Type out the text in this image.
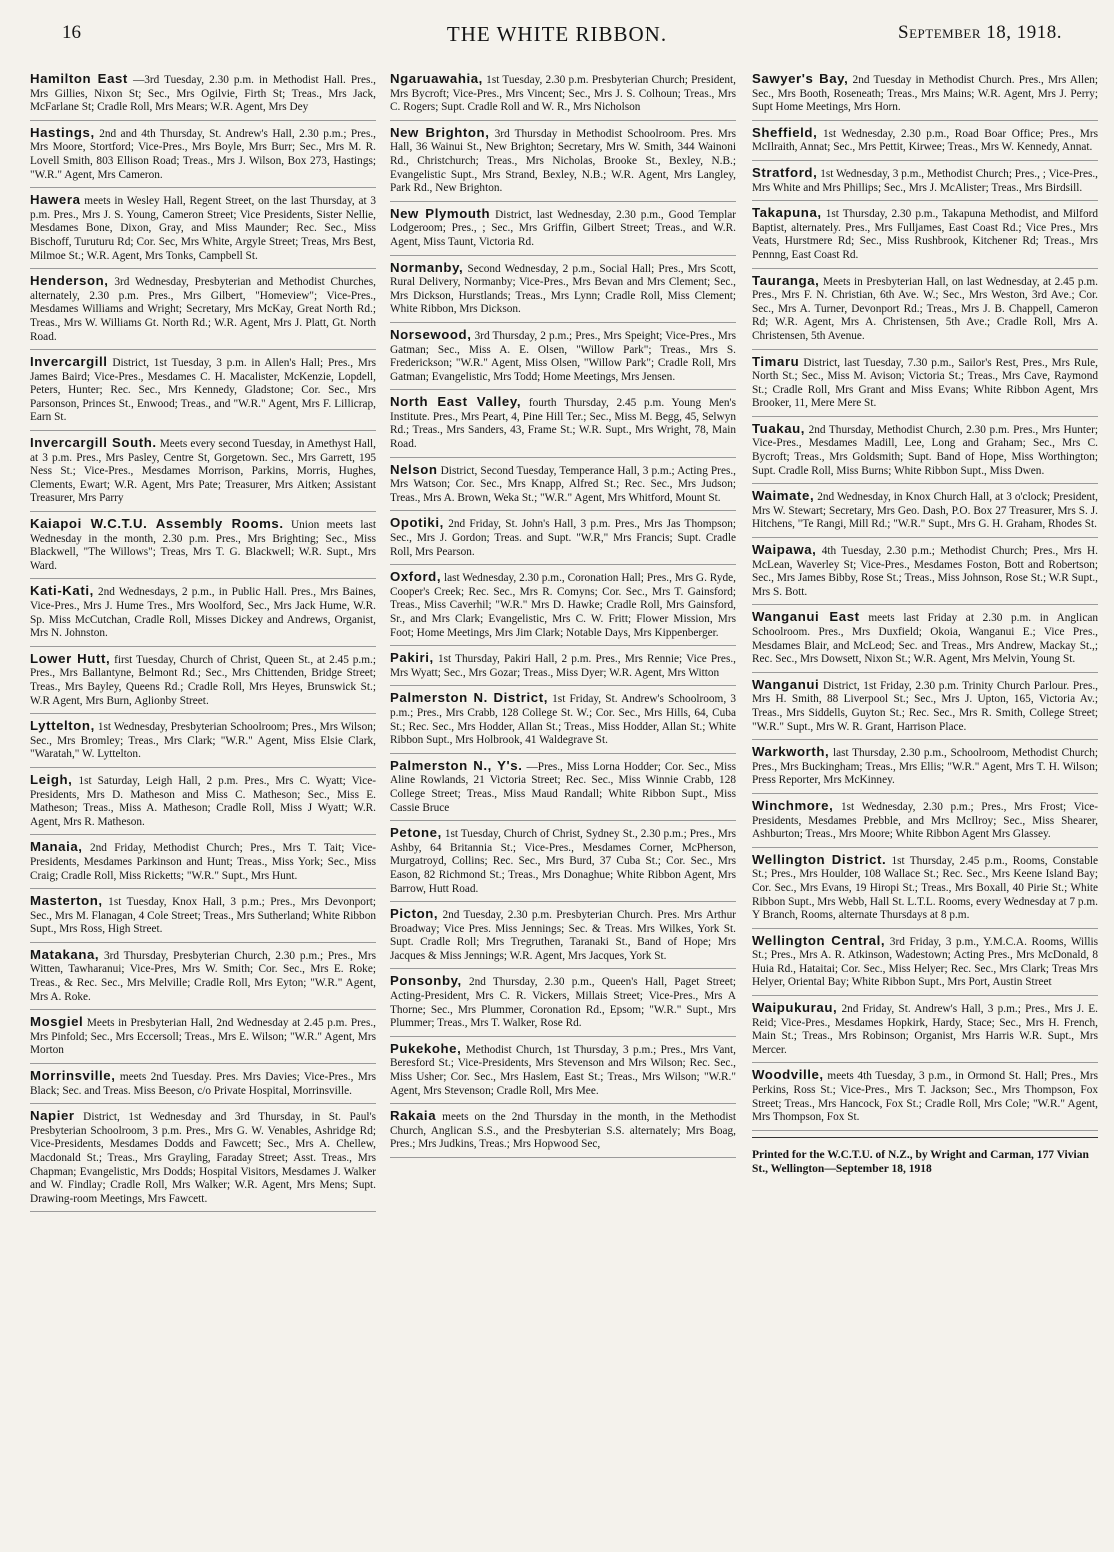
16	THE WHITE RIBBON.	September 18, 1918.
Hamilton East —3rd Tuesday, 2.30 p.m. in Methodist Hall. Pres., Mrs Gillies, Nixon St; Sec., Mrs Ogilvie, Firth St; Treas., Mrs Jack, McFarlane St; Cradle Roll, Mrs Mears; W.R. Agent, Mrs Dey
Hastings, 2nd and 4th Thursday, St. Andrew's Hall, 2.30 p.m.; Pres., Mrs Moore, Stortford; Vice-Pres., Mrs Boyle, Mrs Burr; Sec., Mrs M. R. Lovell Smith, 803 Ellison Road; Treas., Mrs J. Wilson, Box 273, Hastings; "W.R." Agent, Mrs Cameron.
Hawera meets in Wesley Hall, Regent Street, on the last Thursday, at 3 p.m. Pres., Mrs J. S. Young, Cameron Street; Vice Presidents, Sister Nellie, Mesdames Bone, Dixon, Gray, and Miss Maunder; Rec. Sec., Miss Bischoff, Turuturu Rd; Cor. Sec, Mrs White, Argyle Street; Treas, Mrs Best, Milmoe St.; W.R. Agent, Mrs Tonks, Campbell St.
Henderson, 3rd Wednesday, Presbyterian and Methodist Churches, alternately, 2.30 p.m. Pres., Mrs Gilbert, "Homeview"; Vice-Pres., Mesdames Williams and Wright; Secretary, Mrs McKay, Great North Rd.; Treas., Mrs W. Williams Gt. North Rd.; W.R. Agent, Mrs J. Platt, Gt. North Road.
Invercargill District, 1st Tuesday, 3 p.m. in Allen's Hall; Pres., Mrs James Baird; Vice-Pres., Mesdames C. H. Macalister, McKenzie, Lopdell, Peters, Hunter; Rec. Sec., Mrs Kennedy, Gladstone; Cor. Sec., Mrs Parsonson, Princes St., Enwood; Treas., and "W.R." Agent, Mrs F. Lillicrap, Earn St.
Invercargill South. Meets every second Tuesday, in Amethyst Hall, at 3 p.m. Pres., Mrs Pasley, Centre St, Gorgetown. Sec., Mrs Garrett, 195 Ness St.; Vice-Pres., Mesdames Morrison, Parkins, Morris, Hughes, Clements, Ewart; W.R. Agent, Mrs Pate; Treasurer, Mrs Aitken; Assistant Treasurer, Mrs Parry
Kaiapoi W.C.T.U. Assembly Rooms. Union meets last Wednesday in the month, 2.30 p.m. Pres., Mrs Brighting; Sec., Miss Blackwell, "The Willows"; Treas, Mrs T. G. Blackwell; W.R. Supt., Mrs Ward.
Kati-Kati, 2nd Wednesdays, 2 p.m., in Public Hall. Pres., Mrs Baines, Vice-Pres., Mrs J. Hume Tres., Mrs Woolford, Sec., Mrs Jack Hume, W.R. Sp. Miss McCutchan, Cradle Roll, Misses Dickey and Andrews, Organist, Mrs N. Johnston.
Lower Hutt, first Tuesday, Church of Christ, Queen St., at 2.45 p.m.; Pres., Mrs Ballantyne, Belmont Rd.; Sec., Mrs Chittenden, Bridge Street; Treas., Mrs Bayley, Queens Rd.; Cradle Roll, Mrs Heyes, Brunswick St.; W.R Agent, Mrs Burn, Aglionby Street.
Lyttelton, 1st Wednesday, Presbyterian Schoolroom; Pres., Mrs Wilson; Sec., Mrs Bromley; Treas., Mrs Clark; "W.R." Agent, Miss Elsie Clark, "Waratah," W. Lyttelton.
Leigh, 1st Saturday, Leigh Hall, 2 p.m. Pres., Mrs C. Wyatt; Vice-Presidents, Mrs D. Matheson and Miss C. Matheson; Sec., Miss E. Matheson; Treas., Miss A. Matheson; Cradle Roll, Miss J Wyatt; W.R. Agent, Mrs R. Matheson.
Manaia, 2nd Friday, Methodist Church; Pres., Mrs T. Tait; Vice-Presidents, Mesdames Parkinson and Hunt; Treas., Miss York; Sec., Miss Craig; Cradle Roll, Miss Ricketts; "W.R." Supt., Mrs Hunt.
Masterton, 1st Tuesday, Knox Hall, 3 p.m.; Pres., Mrs Devonport; Sec., Mrs M. Flanagan, 4 Cole Street; Treas., Mrs Sutherland; White Ribbon Supt., Mrs Ross, High Street.
Matakana, 3rd Thursday, Presbyterian Church, 2.30 p.m.; Pres., Mrs Witten, Tawharanui; Vice-Pres, Mrs W. Smith; Cor. Sec., Mrs E. Roke; Treas., & Rec. Sec., Mrs Melville; Cradle Roll, Mrs Eyton; "W.R." Agent, Mrs A. Roke.
Mosgiel Meets in Presbyterian Hall, 2nd Wednesday at 2.45 p.m. Pres., Mrs Pinfold; Sec., Mrs Eccersoll; Treas., Mrs E. Wilson; "W.R." Agent, Mrs Morton
Morrinsville, meets 2nd Tuesday. Pres. Mrs Davies; Vice-Pres., Mrs Black; Sec. and Treas. Miss Beeson, c/o Private Hospital, Morrinsville.
Napier District, 1st Wednesday and 3rd Thursday, in St. Paul's Presbyterian Schoolroom, 3 p.m. Pres., Mrs G. W. Venables, Ashridge Rd; Vice-Presidents, Mesdames Dodds and Fawcett; Sec., Mrs A. Chellew, Macdonald St.; Treas., Mrs Grayling, Faraday Street; Asst. Treas., Mrs Chapman; Evangelistic, Mrs Dodds; Hospital Visitors, Mesdames J. Walker and W. Findlay; Cradle Roll, Mrs Walker; W.R. Agent, Mrs Mens; Supt. Drawing-room Meetings, Mrs Fawcett.
Ngaruawahia, 1st Tuesday, 2.30 p.m. Presbyterian Church; President, Mrs Bycroft; Vice-Pres., Mrs Vincent; Sec., Mrs J. S. Colhoun; Treas., Mrs C. Rogers; Supt. Cradle Roll and W. R., Mrs Nicholson
New Brighton, 3rd Thursday in Methodist Schoolroom. Pres. Mrs Hall, 36 Wainui St., New Brighton; Secretary, Mrs W. Smith, 344 Wainoni Rd., Christchurch; Treas., Mrs Nicholas, Brooke St., Bexley, N.B.; Evangelistic Supt., Mrs Strand, Bexley, N.B.; W.R. Agent, Mrs Langley, Park Rd., New Brighton.
New Plymouth District, last Wednesday, 2.30 p.m., Good Templar Lodgeroom; Pres., ; Sec., Mrs Griffin, Gilbert Street; Treas., and W.R. Agent, Miss Taunt, Victoria Rd.
Normanby, Second Wednesday, 2 p.m., Social Hall; Pres., Mrs Scott, Rural Delivery, Normanby; Vice-Pres., Mrs Bevan and Mrs Clement; Sec., Mrs Dickson, Hurstlands; Treas., Mrs Lynn; Cradle Roll, Miss Clement; White Ribbon, Mrs Dickson.
Norsewood, 3rd Thursday, 2 p.m.; Pres., Mrs Speight; Vice-Pres., Mrs Gatman; Sec., Miss A. E. Olsen, "Willow Park"; Treas., Mrs S. Frederickson; "W.R." Agent, Miss Olsen, "Willow Park"; Cradle Roll, Mrs Gatman; Evangelistic, Mrs Todd; Home Meetings, Mrs Jensen.
North East Valley, fourth Thursday, 2.45 p.m. Young Men's Institute. Pres., Mrs Peart, 4, Pine Hill Ter.; Sec., Miss M. Begg, 45, Selwyn Rd.; Treas., Mrs Sanders, 43, Frame St.; W.R. Supt., Mrs Wright, 78, Main Road.
Nelson District, Second Tuesday, Temperance Hall, 3 p.m.; Acting Pres., Mrs Watson; Cor. Sec., Mrs Knapp, Alfred St.; Rec. Sec., Mrs Judson; Treas., Mrs A. Brown, Weka St.; "W.R." Agent, Mrs Whitford, Mount St.
Opotiki, 2nd Friday, St. John's Hall, 3 p.m. Pres., Mrs Jas Thompson; Sec., Mrs J. Gordon; Treas. and Supt. "W.R," Mrs Francis; Supt. Cradle Roll, Mrs Pearson.
Oxford, last Wednesday, 2.30 p.m., Coronation Hall; Pres., Mrs G. Ryde, Cooper's Creek; Rec. Sec., Mrs R. Comyns; Cor. Sec., Mrs T. Gainsford; Treas., Miss Caverhil; "W.R." Mrs D. Hawke; Cradle Roll, Mrs Gainsford, Sr., and Mrs Clark; Evangelistic, Mrs C. W. Fritt; Flower Mission, Mrs Foot; Home Meetings, Mrs Jim Clark; Notable Days, Mrs Kippenberger.
Pakiri, 1st Thursday, Pakiri Hall, 2 p.m. Pres., Mrs Rennie; Vice Pres., Mrs Wyatt; Sec., Mrs Gozar; Treas., Miss Dyer; W.R. Agent, Mrs Witton
Palmerston N. District, 1st Friday, St. Andrew's Schoolroom, 3 p.m.; Pres., Mrs Crabb, 128 College St. W.; Cor. Sec., Mrs Hills, 64, Cuba St.; Rec. Sec., Mrs Hodder, Allan St.; Treas., Miss Hodder, Allan St.; White Ribbon Supt., Mrs Holbrook, 41 Waldegrave St.
Palmerston N., Y's. —Pres., Miss Lorna Hodder; Cor. Sec., Miss Aline Rowlands, 21 Victoria Street; Rec. Sec., Miss Winnie Crabb, 128 College Street; Treas., Miss Maud Randall; White Ribbon Supt., Miss Cassie Bruce
Petone, 1st Tuesday, Church of Christ, Sydney St., 2.30 p.m.; Pres., Mrs Ashby, 64 Britannia St.; Vice-Pres., Mesdames Corner, McPherson, Murgatroyd, Collins; Rec. Sec., Mrs Burd, 37 Cuba St.; Cor. Sec., Mrs Eason, 82 Richmond St.; Treas., Mrs Donaghue; White Ribbon Agent, Mrs Barrow, Hutt Road.
Picton, 2nd Tuesday, 2.30 p.m. Presbyterian Church. Pres. Mrs Arthur Broadway; Vice Pres. Miss Jennings; Sec. & Treas. Mrs Wilkes, York St. Supt. Cradle Roll; Mrs Tregruthen, Taranaki St., Band of Hope; Mrs Jacques & Miss Jennings; W.R. Agent, Mrs Jacques, York St.
Ponsonby, 2nd Thursday, 2.30 p.m., Queen's Hall, Paget Street; Acting-President, Mrs C. R. Vickers, Millais Street; Vice-Pres., Mrs A Thorne; Sec., Mrs Plummer, Coronation Rd., Epsom; "W.R." Supt., Mrs Plummer; Treas., Mrs T. Walker, Rose Rd.
Pukekohe, Methodist Church, 1st Thursday, 3 p.m.; Pres., Mrs Vant, Beresford St.; Vice-Presidents, Mrs Stevenson and Mrs Wilson; Rec. Sec., Miss Usher; Cor. Sec., Mrs Haslem, East St.; Treas., Mrs Wilson; "W.R." Agent, Mrs Stevenson; Cradle Roll, Mrs Mee.
Rakaia meets on the 2nd Thursday in the month, in the Methodist Church, Anglican S.S., and the Presbyterian S.S. alternately; Mrs Boag, Pres.; Mrs Judkins, Treas.; Mrs Hopwood Sec,
Sawyer's Bay, 2nd Tuesday in Methodist Church. Pres., Mrs Allen; Sec., Mrs Booth, Roseneath; Treas., Mrs Mains; W.R. Agent, Mrs J. Perry; Supt Home Meetings, Mrs Horn.
Sheffield, 1st Wednesday, 2.30 p.m., Road Boar Office; Pres., Mrs McIlraith, Annat; Sec., Mrs Pettit, Kirwee; Treas., Mrs W. Kennedy, Annat.
Stratford, 1st Wednesday, 3 p.m., Methodist Church; Pres., ; Vice-Pres., Mrs White and Mrs Phillips; Sec., Mrs J. McAlister; Treas., Mrs Birdsill.
Takapuna, 1st Thursday, 2.30 p.m., Takapuna Methodist, and Milford Baptist, alternately. Pres., Mrs Fulljames, East Coast Rd.; Vice Pres., Mrs Veats, Hurstmere Rd; Sec., Miss Rushbrook, Kitchener Rd; Treas., Mrs Pennng, East Coast Rd.
Tauranga, Meets in Presbyterian Hall, on last Wednesday, at 2.45 p.m. Pres., Mrs F. N. Christian, 6th Ave. W.; Sec., Mrs Weston, 3rd Ave.; Cor. Sec., Mrs A. Turner, Devonport Rd.; Treas., Mrs J. B. Chappell, Cameron Rd; W.R. Agent, Mrs A. Christensen, 5th Ave.; Cradle Roll, Mrs A. Christensen, 5th Avenue.
Timaru District, last Tuesday, 7.30 p.m., Sailor's Rest, Pres., Mrs Rule, North St.; Sec., Miss M. Avison; Victoria St.; Treas., Mrs Cave, Raymond St.; Cradle Roll, Mrs Grant and Miss Evans; White Ribbon Agent, Mrs Brooker, 11, Mere Mere St.
Tuakau, 2nd Thursday, Methodist Church, 2.30 p.m. Pres., Mrs Hunter; Vice-Pres., Mesdames Madill, Lee, Long and Graham; Sec., Mrs C. Bycroft; Treas., Mrs Goldsmith; Supt. Band of Hope, Miss Worthington; Supt. Cradle Roll, Miss Burns; White Ribbon Supt., Miss Dwen.
Waimate, 2nd Wednesday, in Knox Church Hall, at 3 o'clock; President, Mrs W. Stewart; Secretary, Mrs Geo. Dash, P.O. Box 27 Treasurer, Mrs S. J. Hitchens, "Te Rangi, Mill Rd.; "W.R." Supt., Mrs G. H. Graham, Rhodes St.
Waipawa, 4th Tuesday, 2.30 p.m.; Methodist Church; Pres., Mrs H. McLean, Waverley St; Vice-Pres., Mesdames Foston, Bott and Robertson; Sec., Mrs James Bibby, Rose St.; Treas., Miss Johnson, Rose St.; W.R Supt., Mrs S. Bott.
Wanganui East meets last Friday at 2.30 p.m. in Anglican Schoolroom. Pres., Mrs Duxfield; Okoia, Wanganui E.; Vice Pres., Mesdames Blair, and McLeod; Sec. and Treas., Mrs Andrew, Mackay St.,; Rec. Sec., Mrs Dowsett, Nixon St.; W.R. Agent, Mrs Melvin, Young St.
Wanganui District, 1st Friday, 2.30 p.m. Trinity Church Parlour. Pres., Mrs H. Smith, 88 Liverpool St.; Sec., Mrs J. Upton, 165, Victoria Av.; Treas., Mrs Siddells, Guyton St.; Rec. Sec., Mrs R. Smith, College Street; "W.R." Supt., Mrs W. R. Grant, Harrison Place.
Warkworth, last Thursday, 2.30 p.m., Schoolroom, Methodist Church; Pres., Mrs Buckingham; Treas., Mrs Ellis; "W.R." Agent, Mrs T. H. Wilson; Press Reporter, Mrs McKinney.
Winchmore, 1st Wednesday, 2.30 p.m.; Pres., Mrs Frost; Vice-Presidents, Mesdames Prebble, and Mrs McIlroy; Sec., Miss Shearer, Ashburton; Treas., Mrs Moore; White Ribbon Agent Mrs Glassey.
Wellington District. 1st Thursday, 2.45 p.m., Rooms, Constable St.; Pres., Mrs Houlder, 108 Wallace St.; Rec. Sec., Mrs Keene Island Bay; Cor. Sec., Mrs Evans, 19 Hiropi St.; Treas., Mrs Boxall, 40 Pirie St.; White Ribbon Supt., Mrs Webb, Hall St. L.T.L. Rooms, every Wednesday at 7 p.m. Y Branch, Rooms, alternate Thursdays at 8 p.m.
Wellington Central, 3rd Friday, 3 p.m., Y.M.C.A. Rooms, Willis St.; Pres., Mrs A. R. Atkinson, Wadestown; Acting Pres., Mrs McDonald, 8 Huia Rd., Hataitai; Cor. Sec., Miss Helyer; Rec. Sec., Mrs Clark; Treas Mrs Helyer, Oriental Bay; White Ribbon Supt., Mrs Port, Austin Street
Waipukurau, 2nd Friday, St. Andrew's Hall, 3 p.m.; Pres., Mrs J. E. Reid; Vice-Pres., Mesdames Hopkirk, Hardy, Stace; Sec., Mrs H. French, Main St.; Treas., Mrs Robinson; Organist, Mrs Harris W.R. Supt., Mrs Mercer.
Woodville, meets 4th Tuesday, 3 p.m., in Ormond St. Hall; Pres., Mrs Perkins, Ross St.; Vice-Pres., Mrs T. Jackson; Sec., Mrs Thompson, Fox Street; Treas., Mrs Hancock, Fox St.; Cradle Roll, Mrs Cole; "W.R." Agent, Mrs Thompson, Fox St.
Printed for the W.C.T.U. of N.Z., by Wright and Carman, 177 Vivian St., Wellington—September 18, 1918
